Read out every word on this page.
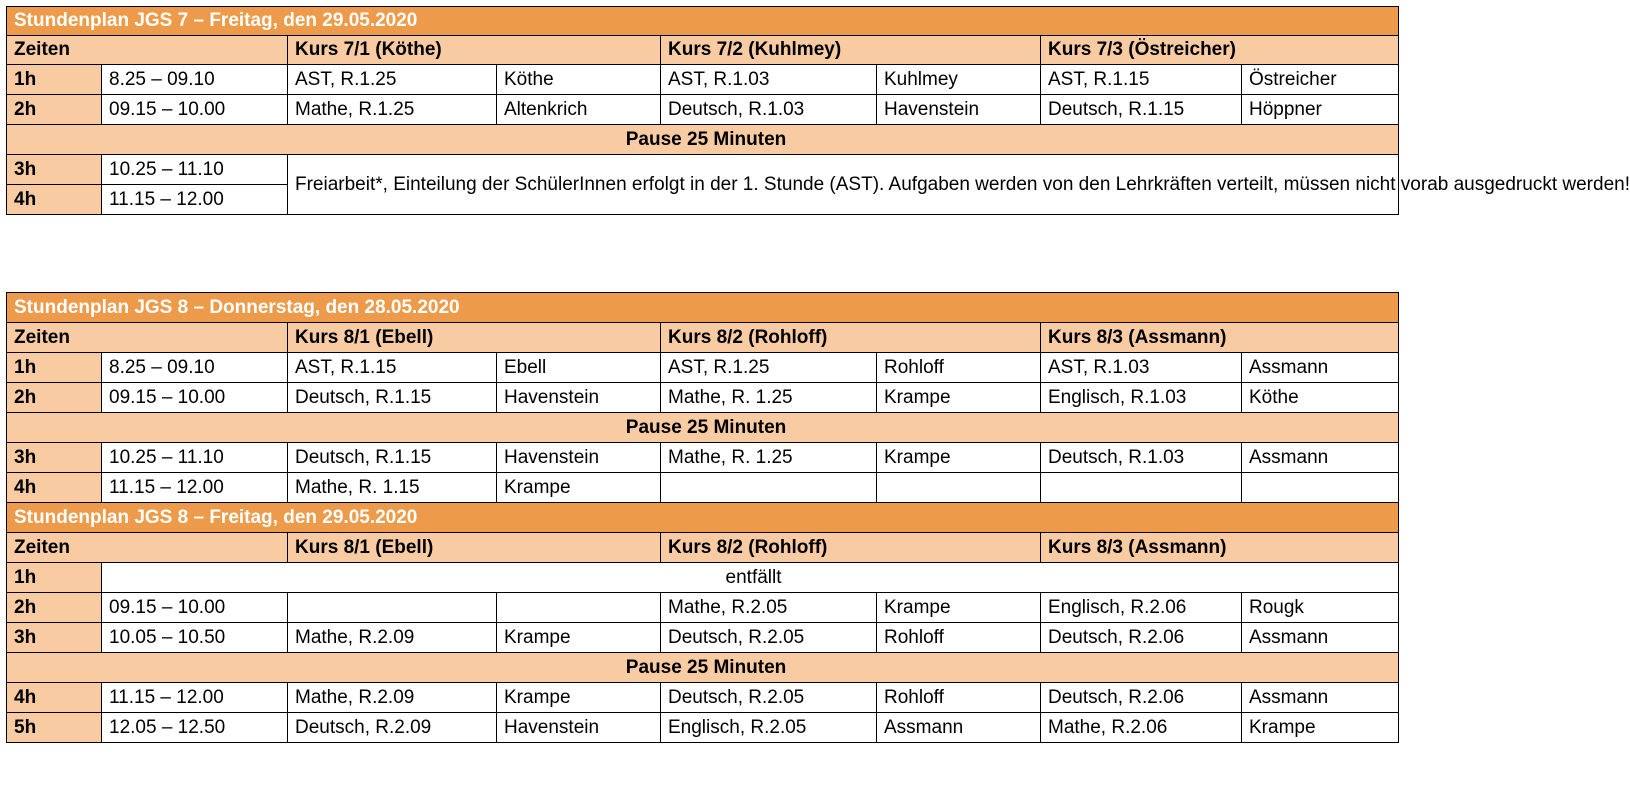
Stundenplan JGS 7 – Freitag, den 29.05.2020							
Zeiten		Kurs 7/1 (Köthe)		Kurs 7/2 (Kuhlmey)		Kurs 7/3 (Östreicher)	
1h	8.25 – 09.10	AST, R.1.25	Köthe	AST, R.1.03	Kuhlmey	AST, R.1.15	Östreicher
2h	09.15 – 10.00	Mathe, R.1.25	Altenkrich	Deutsch, R.1.03	Havenstein	Deutsch, R.1.15	Höppner
Pause 25 Minuten							
3h	10.25 – 11.10	Freiarbeit*, Einteilung der SchülerInnen erfolgt in der 1. Stunde (AST). Aufgaben werden von den Lehrkräften verteilt, müssen nicht vorab ausgedruckt werden!					
4h	11.15 – 12.00						
Stundenplan JGS 8 – Donnerstag, den 28.05.2020							
Zeiten		Kurs 8/1 (Ebell)		Kurs 8/2 (Rohloff)		Kurs 8/3 (Assmann)	
1h	8.25 – 09.10	AST, R.1.15	Ebell	AST, R.1.25	Rohloff	AST, R.1.03	Assmann
2h	09.15 – 10.00	Deutsch, R.1.15	Havenstein	Mathe, R. 1.25	Krampe	Englisch, R.1.03	Köthe
Pause 25 Minuten							
3h	10.25 – 11.10	Deutsch, R.1.15	Havenstein	Mathe, R. 1.25	Krampe	Deutsch, R.1.03	Assmann
4h	11.15 – 12.00	Mathe, R. 1.15	Krampe				
Stundenplan JGS 8 – Freitag, den 29.05.2020							
Zeiten		Kurs 8/1 (Ebell)		Kurs 8/2 (Rohloff)		Kurs 8/3 (Assmann)	
1h	entfällt						
2h	09.15 – 10.00			Mathe, R.2.05	Krampe	Englisch, R.2.06	Rougk
3h	10.05 – 10.50	Mathe, R.2.09	Krampe	Deutsch, R.2.05	Rohloff	Deutsch, R.2.06	Assmann
Pause 25 Minuten							
4h	11.15 – 12.00	Mathe, R.2.09	Krampe	Deutsch, R.2.05	Rohloff	Deutsch, R.2.06	Assmann
5h	12.05 – 12.50	Deutsch, R.2.09	Havenstein	Englisch, R.2.05	Assmann	Mathe, R.2.06	Krampe
